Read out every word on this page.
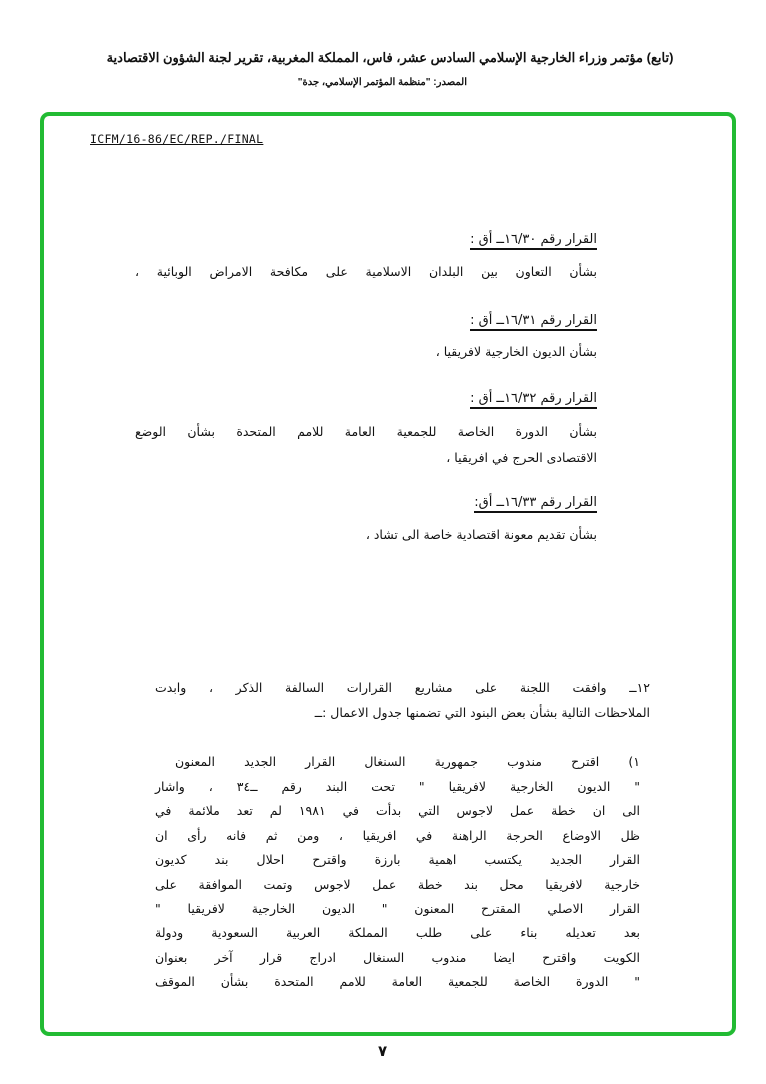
(تابع) مؤتمر وزراء الخارجية الإسلامي السادس عشر، فاس، المملكة المغربية، تقرير لجنة الشؤون الاقتصادية
المصدر: "منظمة المؤتمر الإسلامي، جدة"
ICFM/16-86/EC/REP./FINAL
القرار رقم ١٦/٣٠ــ أق :
بشأن التعاون بين البلدان الاسلامية على مكافحة الامراض الوبائية ،
القرار رقم ١٦/٣١ــ أق :
بشأن الديون الخارجية لافريقيا ،
القرار رقم ١٦/٣٢ــ أق :
بشأن الدورة الخاصة للجمعية العامة للامم المتحدة بشأن الوضع
الاقتصادى الحرج في افريقيا ،
القرار رقم ١٦/٣٣ــ أق:
بشأن تقديم معونة اقتصادية خاصة الى تشاد ،
١٢ــ وافقت اللجنة على مشاريع القرارات السالفة الذكر ، وابدت
الملاحظات التالية بشأن بعض البنود التي تضمنها جدول الاعمال :ــ
١) اقترح مندوب جمهورية السنغال القرار الجديد المعنون
" الديون الخارجية لافريقيا " تحت البند رقم ــ٣٤ ، واشار
الى ان خطة عمل لاجوس التي بدأت في ١٩٨١ لم تعد ملائمة في
ظل الاوضاع الحرجة الراهنة في افريقيا ، ومن ثم فانه رأى ان
القرار الجديد يكتسب اهمية بارزة واقترح احلال بند كديون
خارجية لافريقيا محل بند خطة عمل لاجوس وتمت الموافقة على
القرار الاصلي المقترح المعنون " الديون الخارجية لافريقيا "
بعد تعديله بناء على طلب المملكة العربية السعودية ودولة
الكويت واقترح ايضا مندوب السنغال ادراج قرار آخر بعنوان
" الدورة الخاصة للجمعية العامة للامم المتحدة بشأن الموقف
٧
